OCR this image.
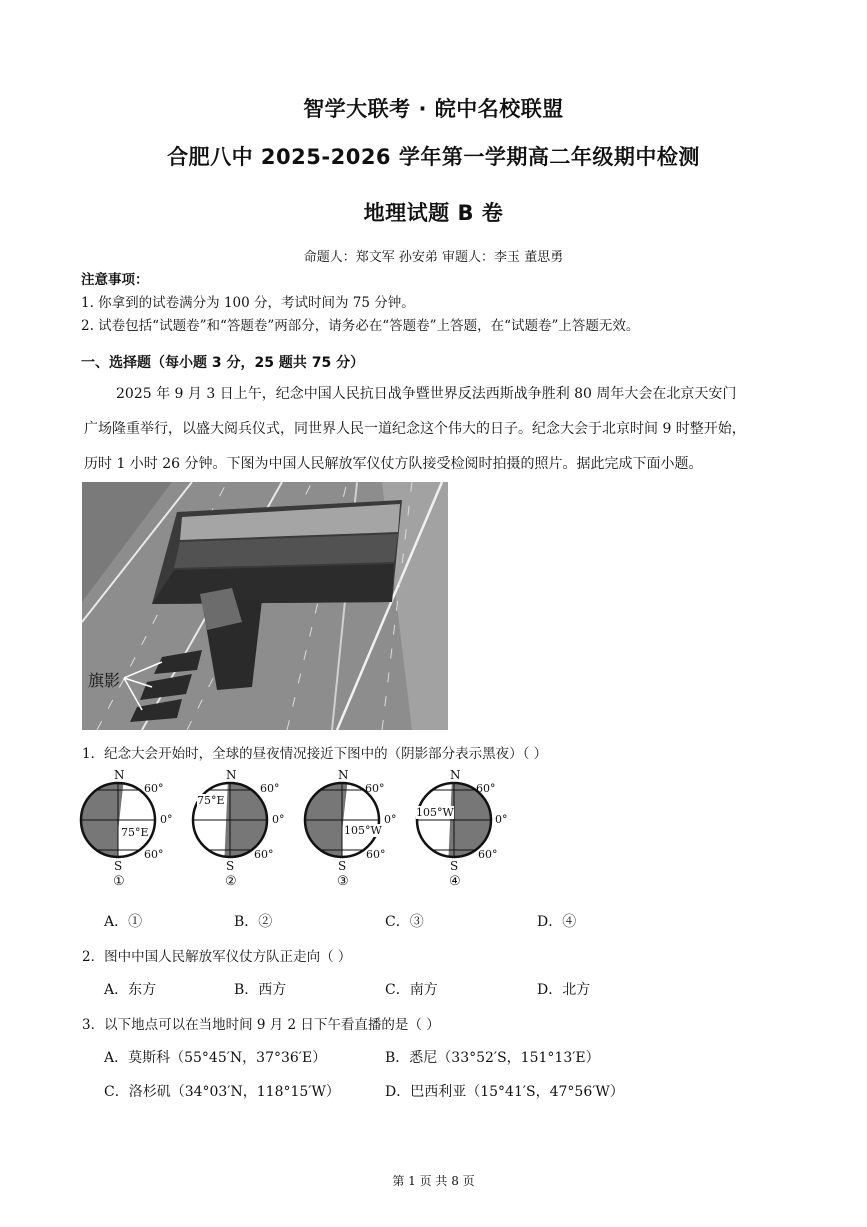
智学大联考 · 皖中名校联盟
合肥八中 2025-2026 学年第一学期高二年级期中检测
地理试题 B 卷
命题人：郑文军 孙安弟 审题人：李玉 董思勇
注意事项：
1. 你拿到的试卷满分为 100 分，考试时间为 75 分钟。
2. 试卷包括“试题卷”和“答题卷”两部分，请务必在“答题卷”上答题，在“试题卷”上答题无效。
一、选择题（每小题 3 分，25 题共 75 分）
2025 年 9 月 3 日上午，纪念中国人民抗日战争暨世界反法西斯战争胜利 80 周年大会在北京天安门
广场隆重举行，以盛大阅兵仪式，同世界人民一道纪念这个伟大的日子。纪念大会于北京时间 9 时整开始，
历时 1 小时 26 分钟。下图为中国人民解放军仪仗方队接受检阅时拍摄的照片。据此完成下面小题。
旗影
1．纪念大会开始时，全球的昼夜情况接近下图中的（阴影部分表示黑夜）（ ）
N
S
60°
0°
60°
75°E
①
N
S
60°
0°
60°
75°E
②
N
S
60°
0°
60°
105°W
③
N
S
60°
0°
60°
105°W
④
A．①	B．②	C．③	D．④
2．图中中国人民解放军仪仗方队正走向（ ）
A．东方	B．西方	C．南方	D．北方
3．以下地点可以在当地时间 9 月 2 日下午看直播的是（ ）
A．莫斯科（55°45′N，37°36′E）	B．悉尼（33°52′S，151°13′E）
C．洛杉矶（34°03′N，118°15′W）	D．巴西利亚（15°41′S，47°56′W）
第 1 页 共 8 页
